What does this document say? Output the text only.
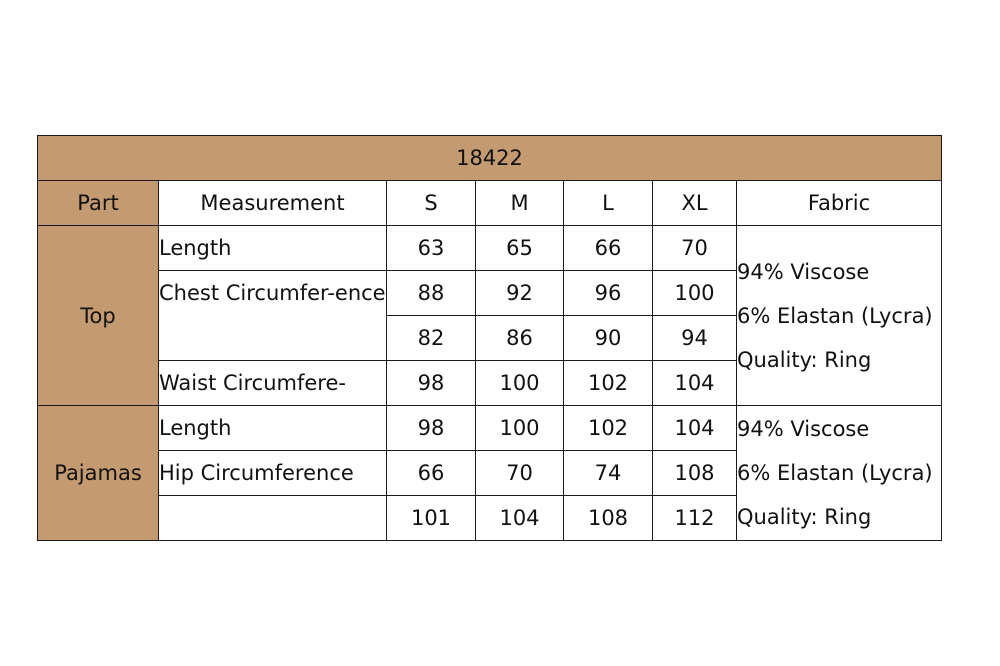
18422						
Part	Measurement	S	M	L	XL	Fabric
Top	Length	63	65	66	70	94% Viscose
6% Elastan (Lycra)
Quality: Ring

	Chest Circumfer-ence	88	92	96	100	
		82	86	90	94	
	Waist Circumfere-	98	100	102	104	
Pajamas	Length	98	100	102	104	94% Viscose
6% Elastan (Lycra)
Quality: Ring

	Hip Circumference	66	70	74	108	
		101	104	108	112	
